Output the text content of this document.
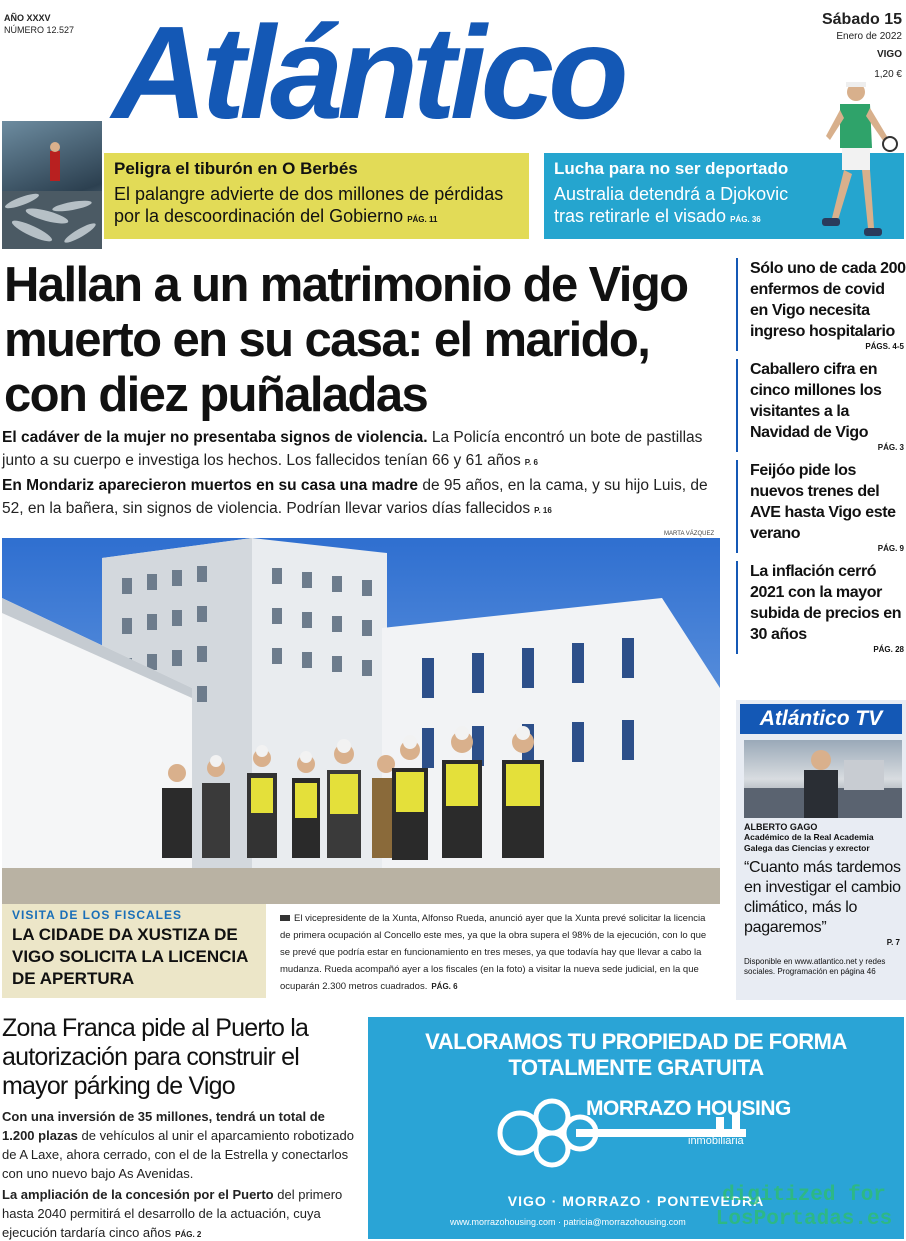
AÑO XXXV
NÚMERO 12.527 Atlántico	Sábado 15
Enero de 2022
VIGO
1,20 €
Peligra el tiburón en O Berbés
El palangre advierte de dos millones de pérdidas por la descoordinación del Gobierno PÁG. 11
Lucha para no ser deportado
Australia detendrá a Djokovic tras retirarle el visado PÁG. 36
Hallan a un matrimonio de Vigo muerto en su casa: el marido, con diez puñaladas
El cadáver de la mujer no presentaba signos de violencia. La Policía encontró un bote de pastillas junto a su cuerpo e investiga los hechos. Los fallecidos tenían 66 y 61 años P. 6
En Mondariz aparecieron muertos en su casa una madre de 95 años, en la cama, y su hijo Luis, de 52, en la bañera, sin signos de violencia. Podrían llevar varios días fallecidos P. 16
MARTA VÁZQUEZ
VISITA DE LOS FISCALES
LA CIDADE DA XUSTIZA DE VIGO SOLICITA LA LICENCIA DE APERTURA
El vicepresidente de la Xunta, Alfonso Rueda, anunció ayer que la Xunta prevé solicitar la licencia de primera ocupación al Concello este mes, ya que la obra supera el 98% de la ejecución, con lo que se prevé que podría estar en funcionamiento en tres meses, ya que todavía hay que llevar a cabo la mudanza. Rueda acompañó ayer a los fiscales (en la foto) a visitar la nueva sede judicial, en la que ocuparán 2.300 metros cuadrados. PÁG. 6
Sólo uno de cada 200 enfermos de covid en Vigo necesita ingreso hospitalario
PÁGS. 4-5
Caballero cifra en cinco millones los visitantes a la Navidad de Vigo
PÁG. 3
Feijóo pide los nuevos trenes del AVE hasta Vigo este verano
PÁG. 9
La inflación cerró 2021 con la mayor subida de precios en 30 años
PÁG. 28
Atlántico TV
ALBERTO GAGO
Académico de la Real Academia Galega das Ciencias y exrector
“Cuanto más tardemos en investigar el cambio climático, más lo pagaremos”
P. 7
Disponible en www.atlantico.net y redes sociales. Programación en página 46
Zona Franca pide al Puerto la autorización para construir el mayor párking de Vigo

Con una inversión de 35 millones, tendrá un total de 1.200 plazas de vehículos al unir el aparcamiento robotizado de A Laxe, ahora cerrado, con el de la Estrella y conectarlos con uno nuevo bajo As Avenidas.

La ampliación de la concesión por el Puerto del primero hasta 2040 permitirá el desarrollo de la actuación, cuya ejecución tardaría cinco años PÁG. 2

VALORAMOS TU PROPIEDAD DE FORMA TOTALMENTE GRATUITA
MORRAZO HOUSING
inmobiliaria
VIGO · MORRAZO · PONTEVEDRA
www.morrazohousing.com · patricia@morrazohousing.com
digitized for LosPortadas.es
